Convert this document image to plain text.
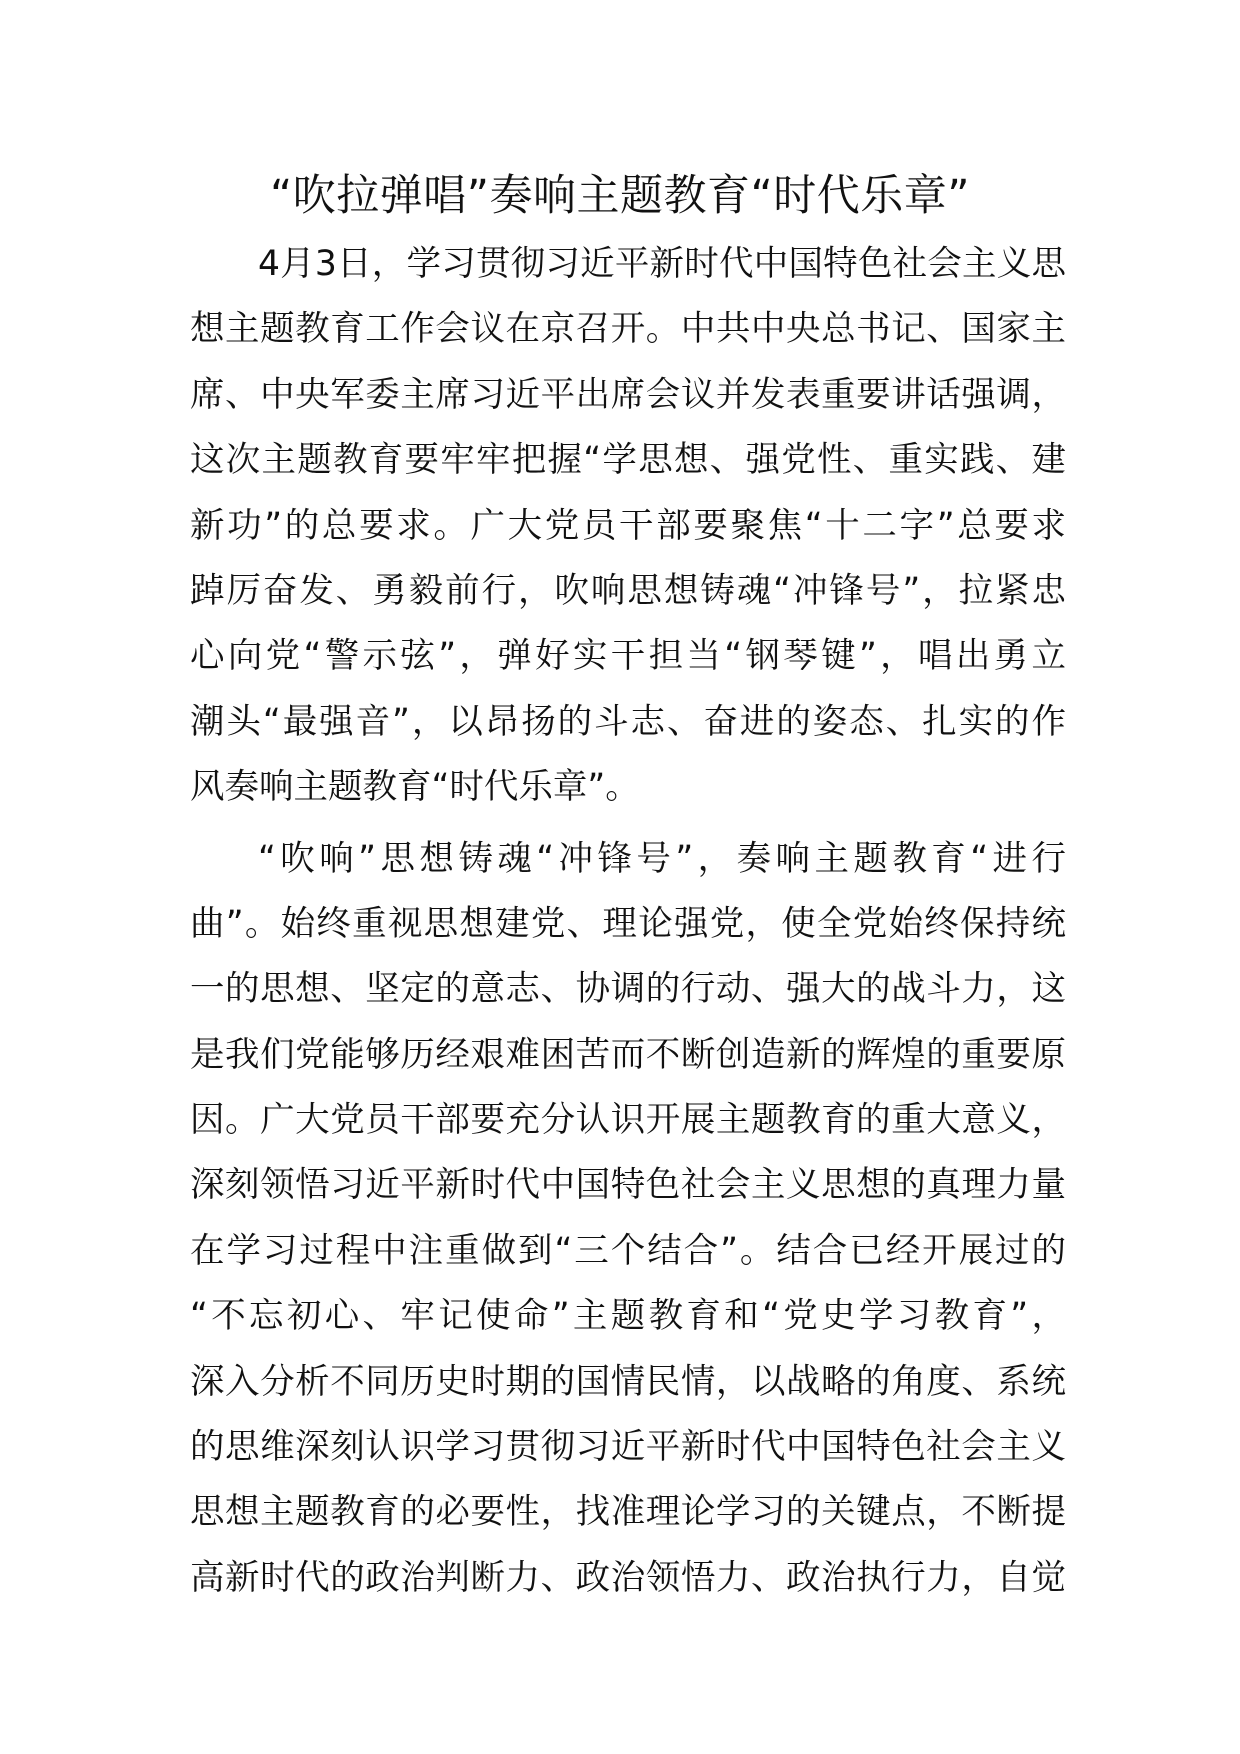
“吹拉弹唱”奏响主题教育“时代乐章”
4月3日，学习贯彻习近平新时代中国特色社会主义思
想主题教育工作会议在京召开。中共中央总书记、国家主
席、中央军委主席习近平出席会议并发表重要讲话强调，
这次主题教育要牢牢把握“学思想、强党性、重实践、建
新功”的总要求。广大党员干部要聚焦“十二字”总要求
踔厉奋发、勇毅前行，吹响思想铸魂“冲锋号”，拉紧忠
心向党“警示弦”，弹好实干担当“钢琴键”，唱出勇立
潮头“最强音”，以昂扬的斗志、奋进的姿态、扎实的作
风奏响主题教育“时代乐章”。
“吹响”思想铸魂“冲锋号”，奏响主题教育“进行
曲”。始终重视思想建党、理论强党，使全党始终保持统
一的思想、坚定的意志、协调的行动、强大的战斗力，这
是我们党能够历经艰难困苦而不断创造新的辉煌的重要原
因。广大党员干部要充分认识开展主题教育的重大意义，
深刻领悟习近平新时代中国特色社会主义思想的真理力量
在学习过程中注重做到“三个结合”。结合已经开展过的
“不忘初心、牢记使命”主题教育和“党史学习教育”，
深入分析不同历史时期的国情民情，以战略的角度、系统
的思维深刻认识学习贯彻习近平新时代中国特色社会主义
思想主题教育的必要性，找准理论学习的关键点，不断提
高新时代的政治判断力、政治领悟力、政治执行力，自觉
